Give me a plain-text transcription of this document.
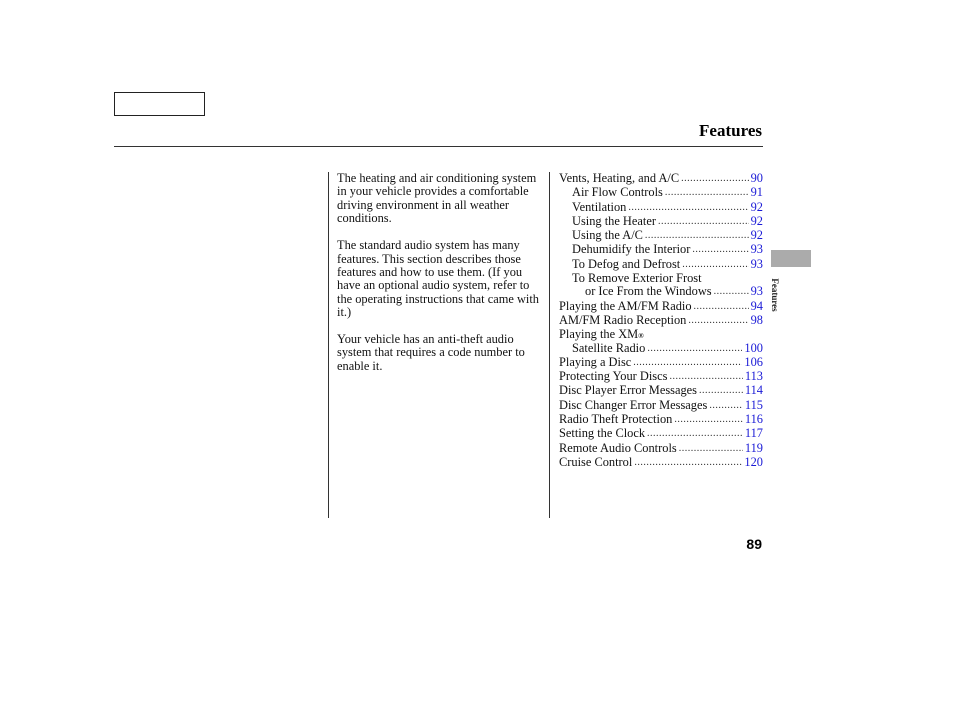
Features

The heating and air conditioning system in your vehicle provides a comfortable driving environment in all weather conditions.

The standard audio system has many features. This section describes those features and how to use them. (If you have an optional audio system, refer to the operating instructions that came with it.)

Your vehicle has an anti-theft audio system that requires a code number to enable it.

Vents, Heating, and A/C .....	90
Air Flow Controls .....	91
Ventilation .....	92
Using the Heater .....	92
Using the A/C .....	92
Dehumidify the Interior .....	93
To Defog and Defrost .....	93
To Remove Exterior Frost
or Ice From the Windows .....	93
Playing the AM/FM Radio .....	94
AM/FM Radio Reception .....	98
Playing the XM ®
Satellite Radio .....	100
Playing a Disc .....	106
Protecting Your Discs .....	113
Disc Player Error Messages .....	114
Disc Changer Error Messages .....	115
Radio Theft Protection .....	116
Setting the Clock .....	117
Remote Audio Controls .....	119
Cruise Control .....	120
Features
89
